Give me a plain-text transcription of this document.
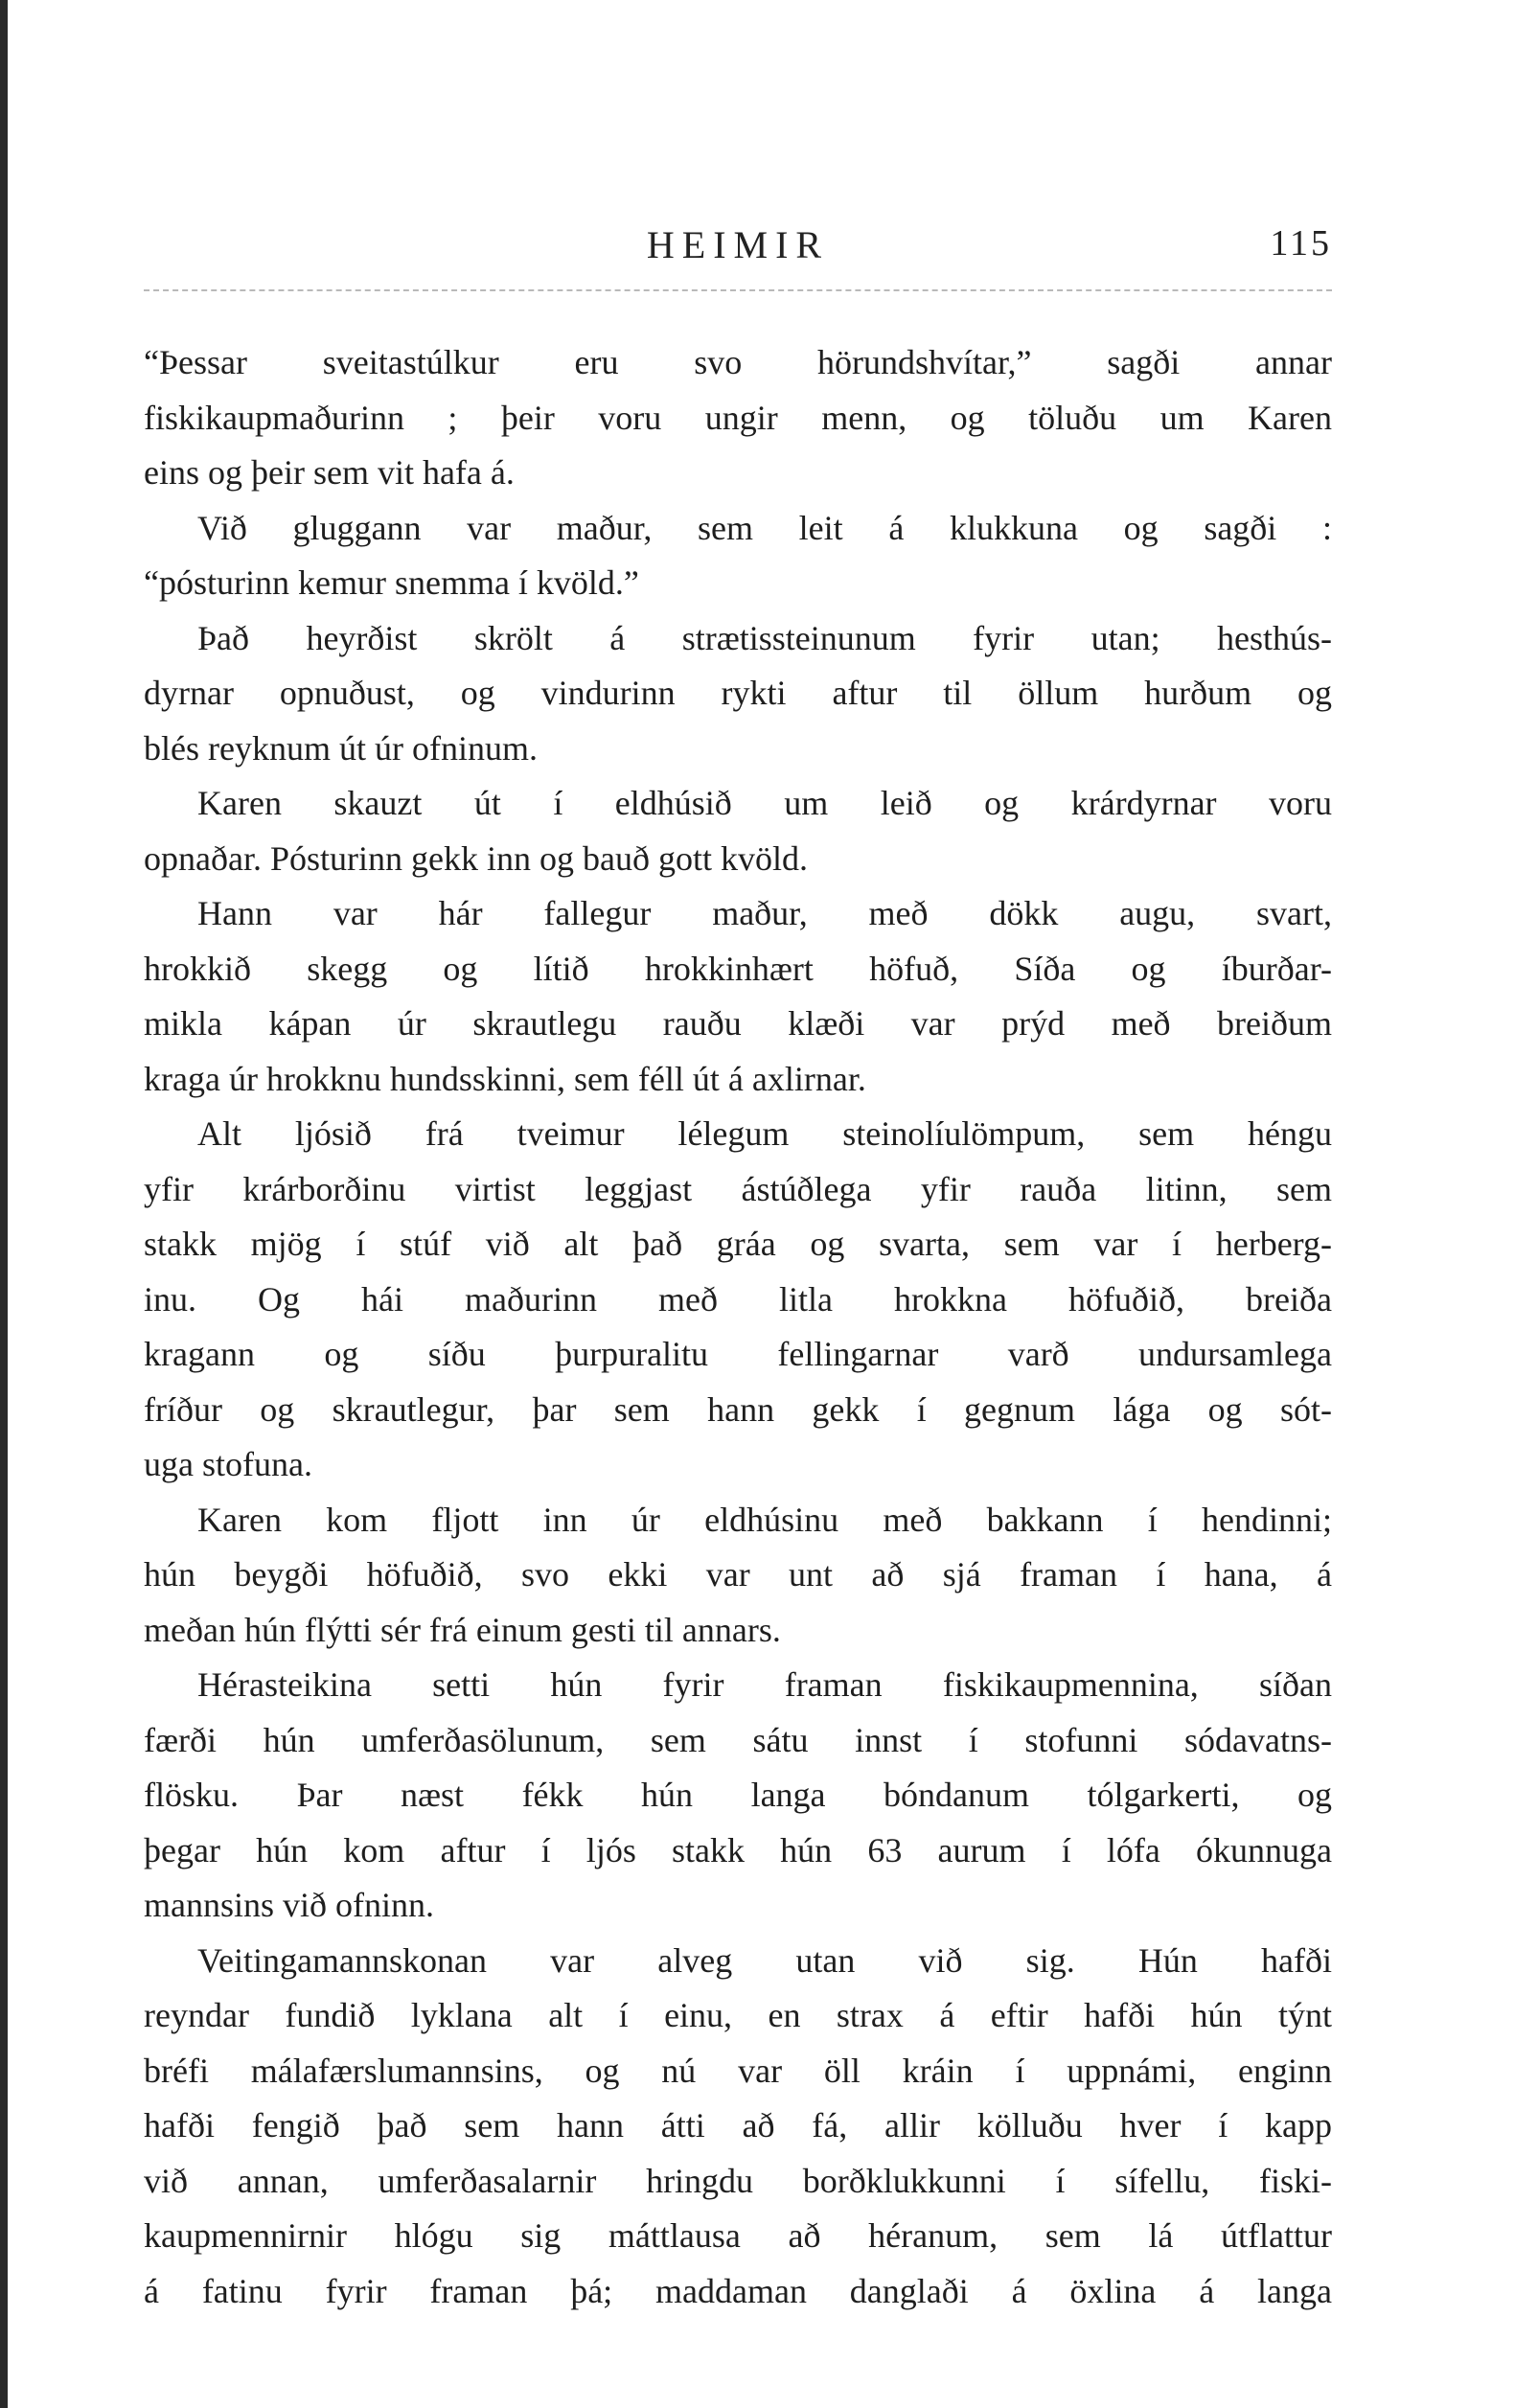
HEIMIR	115
“Þessar sveitastúlkur eru svo hörundshvítar,” sagði annar
fiskikaupmaðurinn ; þeir voru ungir menn, og töluðu um Karen
eins og þeir sem vit hafa á.
Við gluggann var maður, sem leit á klukkuna og sagði :
“pósturinn kemur snemma í kvöld.”
Það heyrðist skrölt á strætissteinunum fyrir utan; hesthús-
dyrnar opnuðust, og vindurinn rykti aftur til öllum hurðum og
blés reyknum út úr ofninum.
Karen skauzt út í eldhúsið um leið og krárdyrnar voru
opnaðar. Pósturinn gekk inn og bauð gott kvöld.
Hann var hár fallegur maður, með dökk augu, svart,
hrokkið skegg og lítið hrokkinhært höfuð, Síða og íburðar-
mikla kápan úr skrautlegu rauðu klæði var prýd með breiðum
kraga úr hrokknu hundsskinni, sem féll út á axlirnar.
Alt ljósið frá tveimur lélegum steinolíulömpum, sem héngu
yfir krárborðinu virtist leggjast ástúðlega yfir rauða litinn, sem
stakk mjög í stúf við alt það gráa og svarta, sem var í herberg-
inu. Og hái maðurinn með litla hrokkna höfuðið, breiða
kragann og síðu þurpuralitu fellingarnar varð undursamlega
fríður og skrautlegur, þar sem hann gekk í gegnum lága og sót-
uga stofuna.
Karen kom fljott inn úr eldhúsinu með bakkann í hendinni;
hún beygði höfuðið, svo ekki var unt að sjá framan í hana, á
meðan hún flýtti sér frá einum gesti til annars.
Hérasteikina setti hún fyrir framan fiskikaupmennina, síðan
færði hún umferðasölunum, sem sátu innst í stofunni sódavatns-
flösku. Þar næst fékk hún langa bóndanum tólgarkerti, og
þegar hún kom aftur í ljós stakk hún 63 aurum í lófa ókunnuga
mannsins við ofninn.
Veitingamannskonan var alveg utan við sig. Hún hafði
reyndar fundið lyklana alt í einu, en strax á eftir hafði hún týnt
bréfi málafærslumannsins, og nú var öll kráin í uppnámi, enginn
hafði fengið það sem hann átti að fá, allir kölluðu hver í kapp
við annan, umferðasalarnir hringdu borðklukkunni í sífellu, fiski-
kaupmennirnir hlógu sig máttlausa að héranum, sem lá útflattur
á fatinu fyrir framan þá; maddaman danglaði á öxlina á langa
